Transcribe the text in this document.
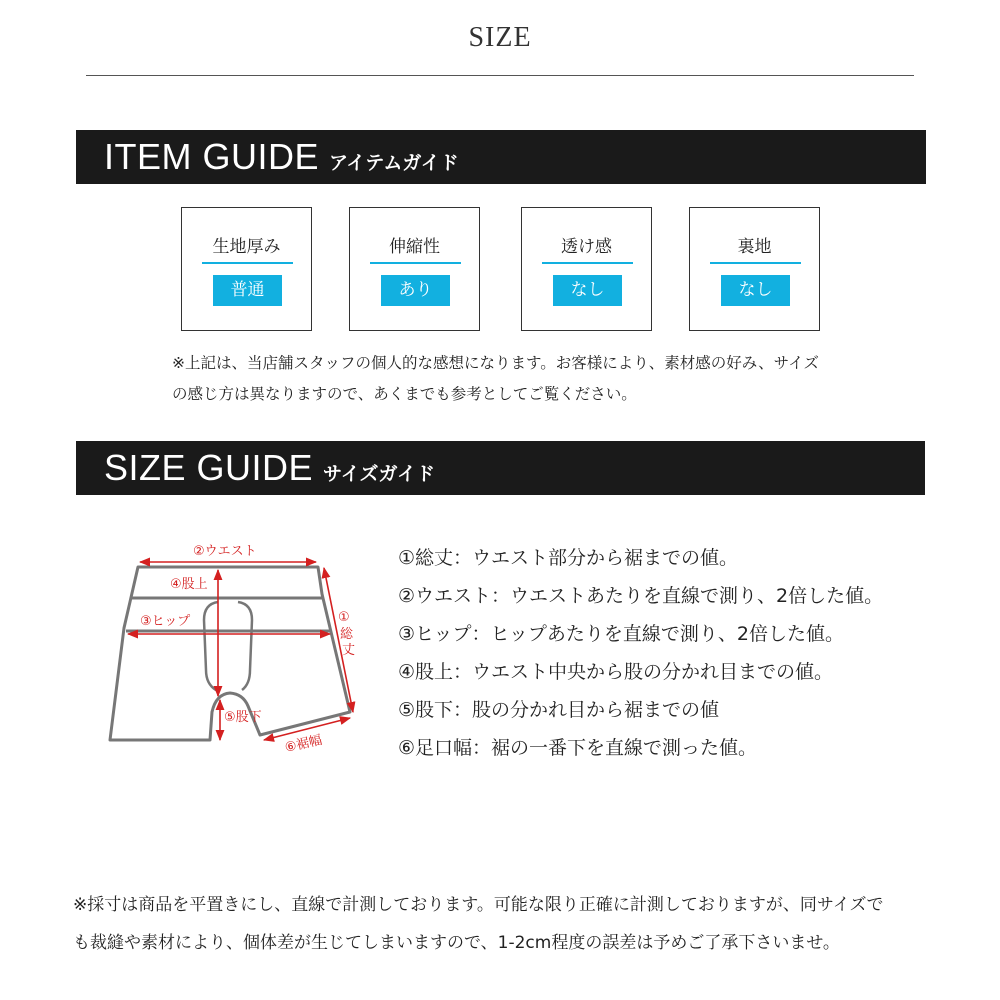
SIZE
ITEM GUIDE アイテムガイド
生地厚み
普通
伸縮性
あり
透け感
なし
裏地
なし
※上記は、当店舗スタッフの個人的な感想になります。お客様により、素材感の好み、サイズ
の感じ方は異なりますので、あくまでも参考としてご覧ください。
SIZE GUIDE サイズガイド
②ウエスト
④股上
③ヒップ	①
総
丈
⑤股下
⑥裾幅
①総丈：ウエスト部分から裾までの値。
②ウエスト：ウエストあたりを直線で測り、2倍した値。
③ヒップ：ヒップあたりを直線で測り、2倍した値。
④股上：ウエスト中央から股の分かれ目までの値。
⑤股下：股の分かれ目から裾までの値
⑥足口幅：裾の一番下を直線で測った値。
※採寸は商品を平置きにし、直線で計測しております。可能な限り正確に計測しておりますが、同サイズで
も裁縫や素材により、個体差が生じてしまいますので、1-2cm程度の誤差は予めご了承下さいませ。
